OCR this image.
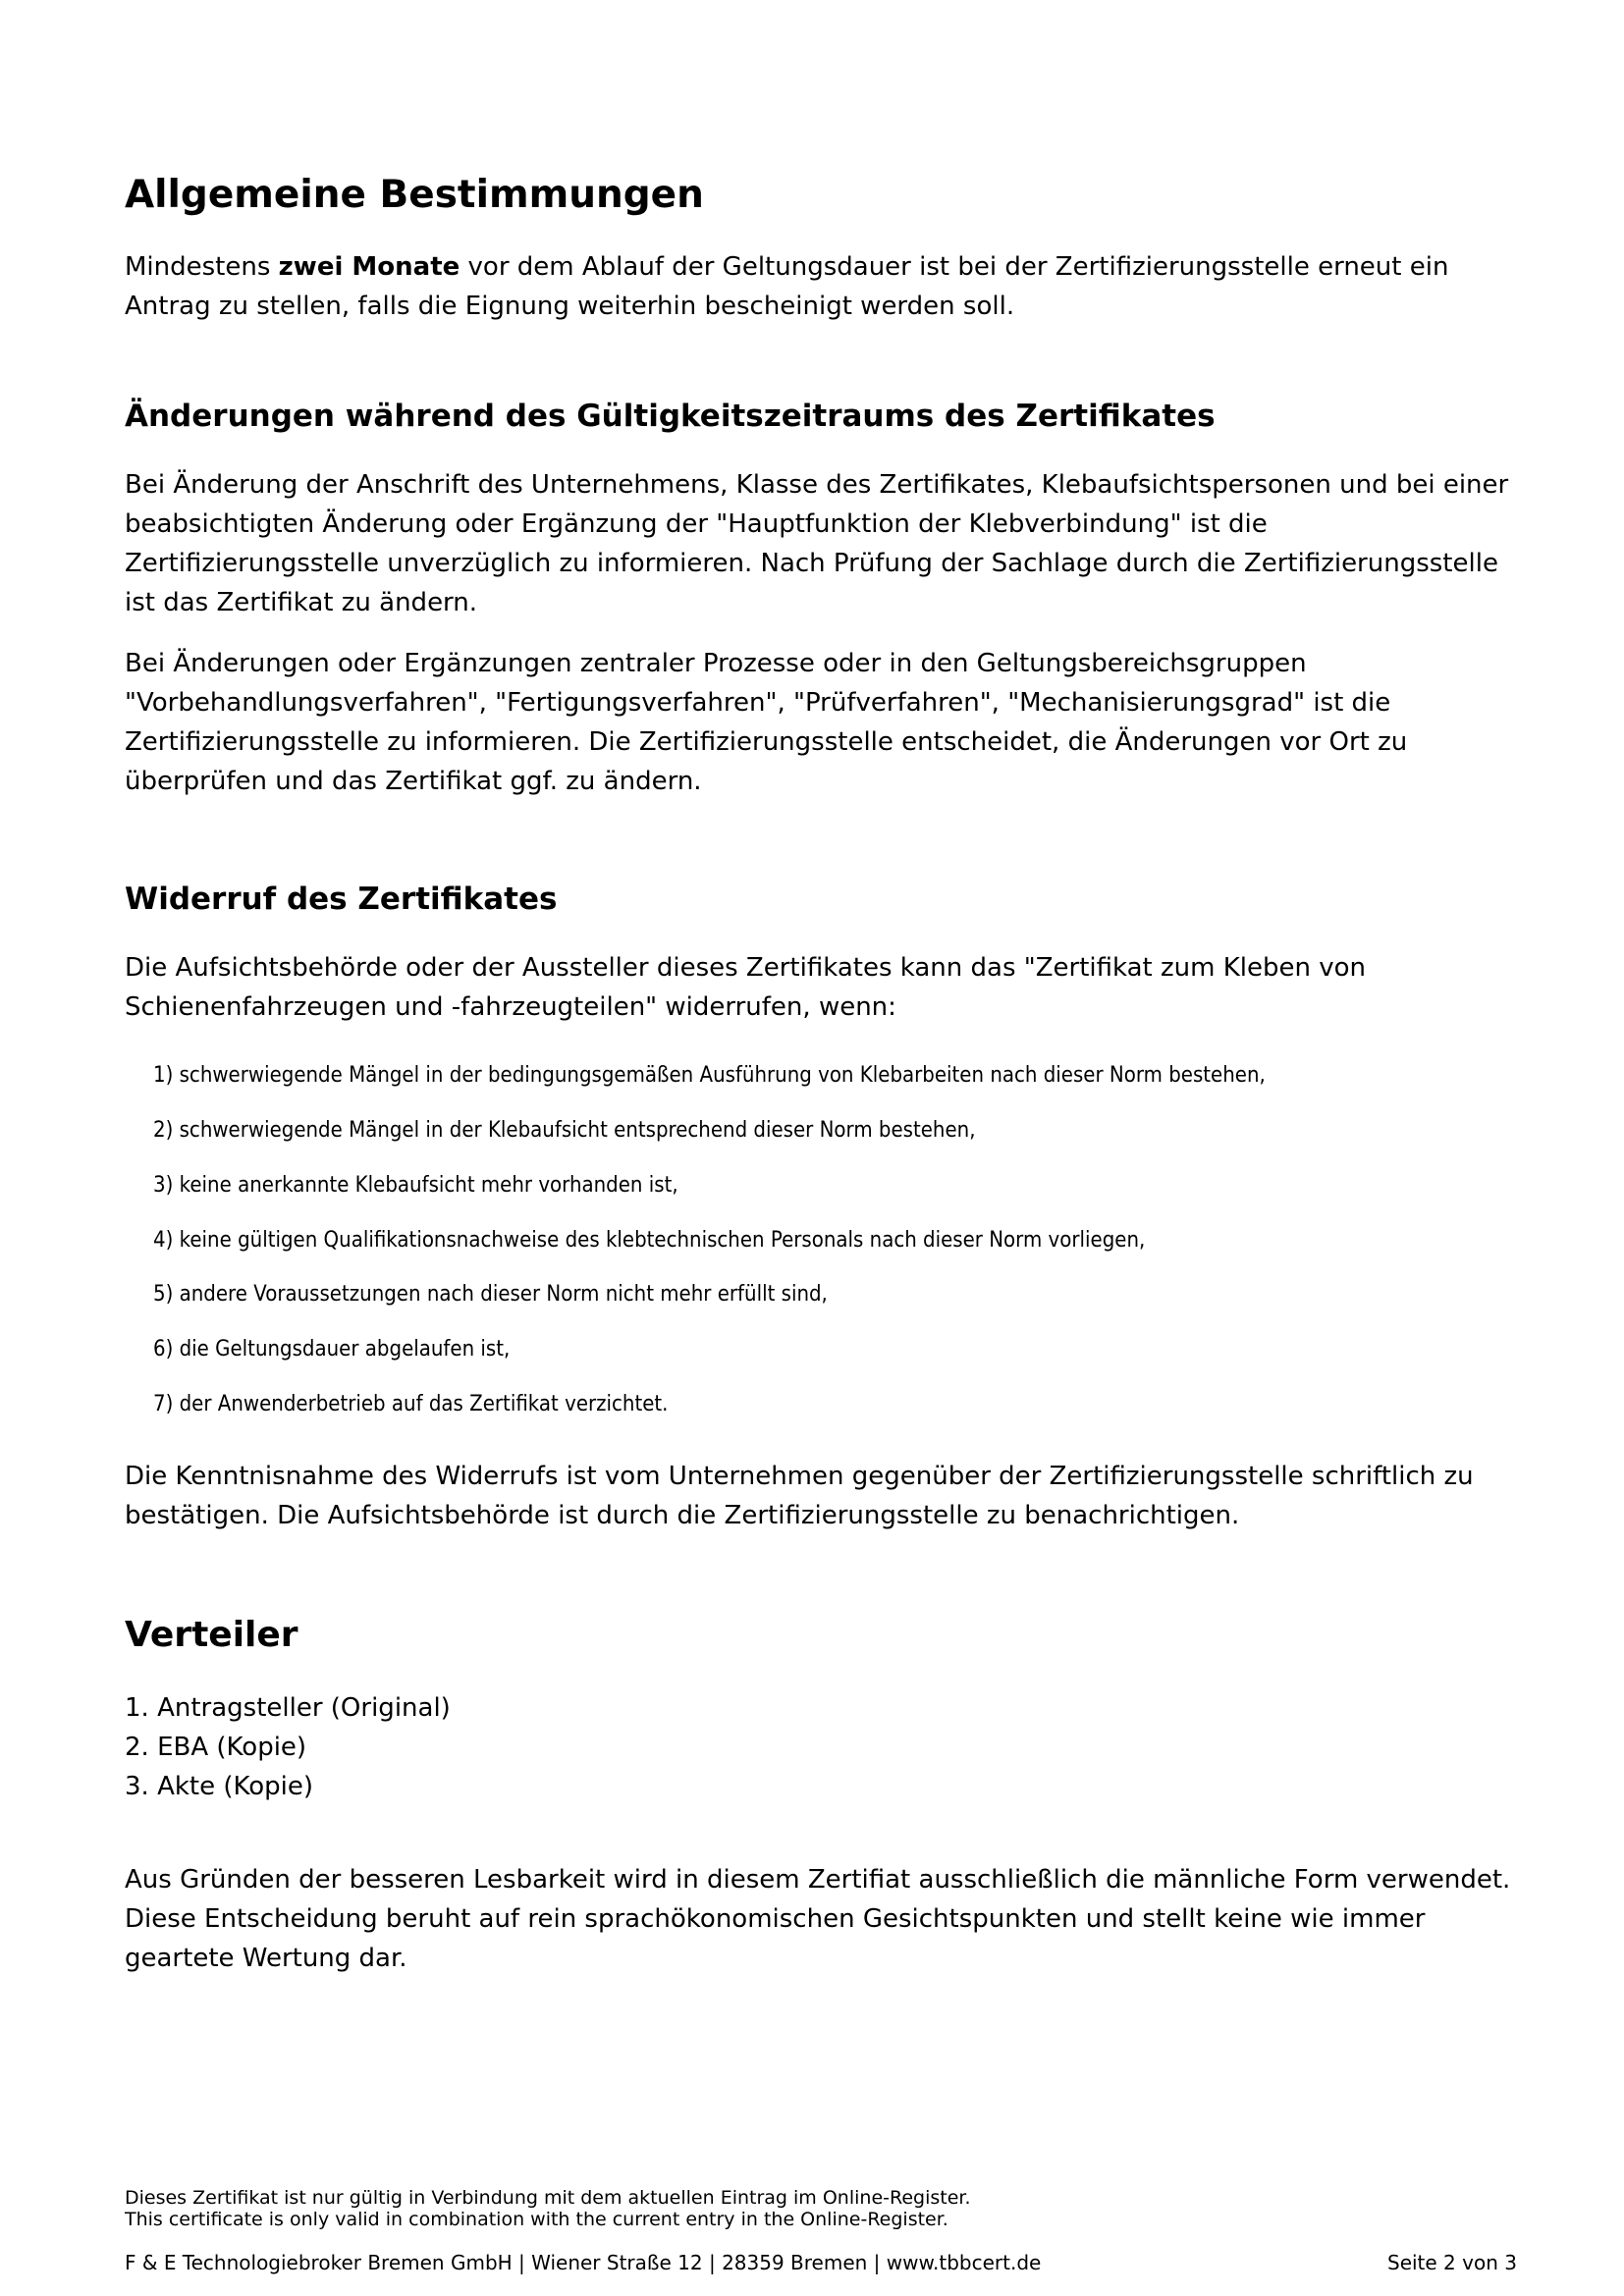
Allgemeine Bestimmungen

Mindestens zwei Monate vor dem Ablauf der Geltungsdauer ist bei der Zertifizierungsstelle erneut ein Antrag zu stellen, falls die Eignung weiterhin bescheinigt werden soll.

Änderungen während des Gültigkeitszeitraums des Zertifikates

Bei Änderung der Anschrift des Unternehmens, Klasse des Zertifikates, Klebaufsichtspersonen und bei einer beabsichtigten Änderung oder Ergänzung der "Hauptfunktion der Klebverbindung" ist die Zertifizierungsstelle unverzüglich zu informieren. Nach Prüfung der Sachlage durch die Zertifizierungsstelle ist das Zertifikat zu ändern.

Bei Änderungen oder Ergänzungen zentraler Prozesse oder in den Geltungsbereichsgruppen "Vorbehandlungsverfahren", "Fertigungsverfahren", "Prüfverfahren", "Mechanisierungsgrad" ist die Zertifizierungsstelle zu informieren. Die Zertifizierungsstelle entscheidet, die Änderungen vor Ort zu überprüfen und das Zertifikat ggf. zu ändern.

Widerruf des Zertifikates

Die Aufsichtsbehörde oder der Aussteller dieses Zertifikates kann das "Zertifikat zum Kleben von Schienenfahrzeugen und -fahrzeugteilen" widerrufen, wenn:

1) schwerwiegende Mängel in der bedingungsgemäßen Ausführung von Klebarbeiten nach dieser Norm bestehen,

2) schwerwiegende Mängel in der Klebaufsicht entsprechend dieser Norm bestehen,

3) keine anerkannte Klebaufsicht mehr vorhanden ist,

4) keine gültigen Qualifikationsnachweise des klebtechnischen Personals nach dieser Norm vorliegen,

5) andere Voraussetzungen nach dieser Norm nicht mehr erfüllt sind,

6) die Geltungsdauer abgelaufen ist,

7) der Anwenderbetrieb auf das Zertifikat verzichtet.

Die Kenntnisnahme des Widerrufs ist vom Unternehmen gegenüber der Zertifizierungsstelle schriftlich zu bestätigen. Die Aufsichtsbehörde ist durch die Zertifizierungsstelle zu benachrichtigen.

Verteiler

1. Antragsteller (Original)

2. EBA (Kopie)

3. Akte (Kopie)

Aus Gründen der besseren Lesbarkeit wird in diesem Zertifiat ausschließlich die männliche Form verwendet. Diese Entscheidung beruht auf rein sprachökonomischen Gesichtspunkten und stellt keine wie immer geartete Wertung dar.

Dieses Zertifikat ist nur gültig in Verbindung mit dem aktuellen Eintrag im Online-Register.

This certificate is only valid in combination with the current entry in the Online-Register.

F & E Technologiebroker Bremen GmbH | Wiener Straße 12 | 28359 Bremen | www.tbbcert.de	Seite 2 von 3
